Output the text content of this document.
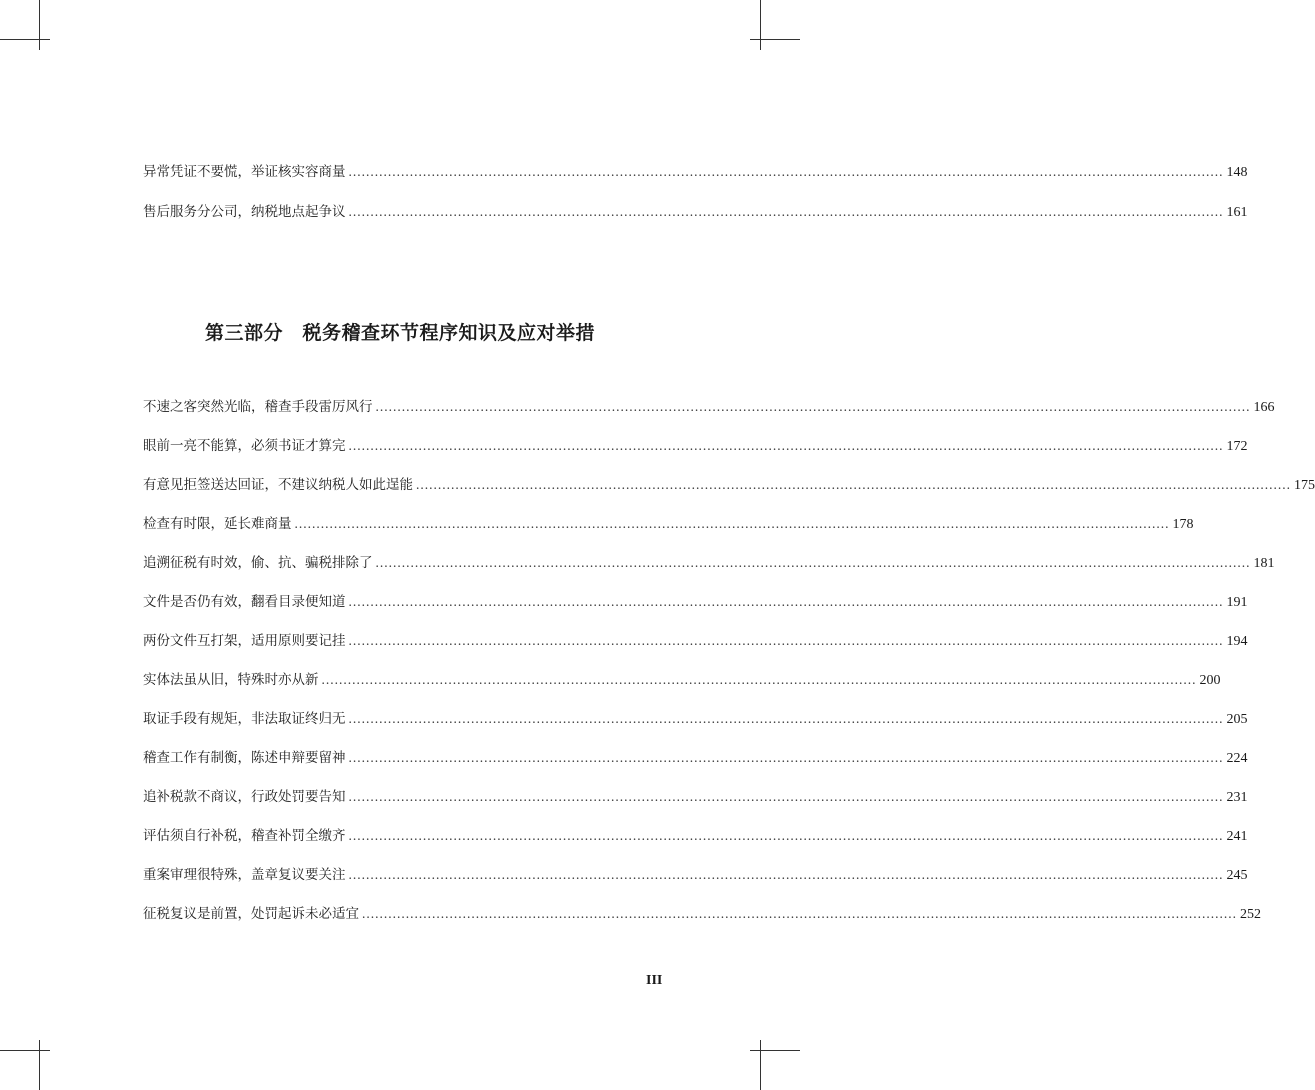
异常凭证不要慌，举证核实容商量 ........................................................................................................................................................................................................ 148
售后服务分公司，纳税地点起争议 ........................................................................................................................................................................................................ 161
第三部分　税务稽查环节程序知识及应对举措
不速之客突然光临，稽查手段雷厉风行 ........................................................................................................................................................................................................ 166
眼前一亮不能算，必须书证才算完 ........................................................................................................................................................................................................ 172
有意见拒签送达回证，不建议纳税人如此逞能 ........................................................................................................................................................................................................ 175
检查有时限，延长难商量 ........................................................................................................................................................................................................ 178
追溯征税有时效，偷、抗、骗税排除了 ........................................................................................................................................................................................................ 181
文件是否仍有效，翻看目录便知道 ........................................................................................................................................................................................................ 191
两份文件互打架，适用原则要记挂 ........................................................................................................................................................................................................ 194
实体法虽从旧，特殊时亦从新 ........................................................................................................................................................................................................ 200
取证手段有规矩，非法取证终归无 ........................................................................................................................................................................................................ 205
稽查工作有制衡，陈述申辩要留神 ........................................................................................................................................................................................................ 224
追补税款不商议，行政处罚要告知 ........................................................................................................................................................................................................ 231
评估须自行补税，稽查补罚全缴齐 ........................................................................................................................................................................................................ 241
重案审理很特殊，盖章复议要关注 ........................................................................................................................................................................................................ 245
征税复议是前置，处罚起诉未必适宜 ........................................................................................................................................................................................................ 252
III
